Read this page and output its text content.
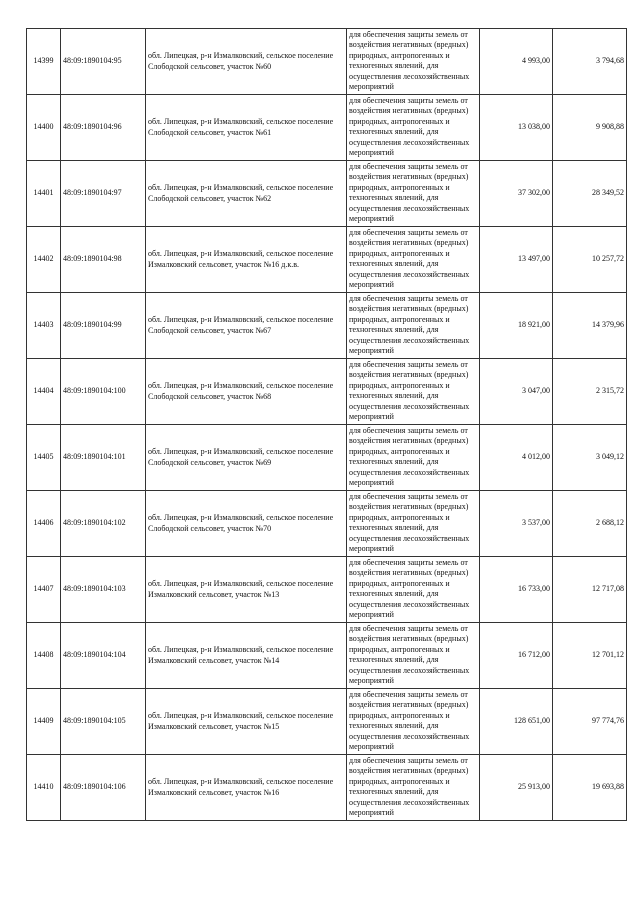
14399	48:09:1890104:95	обл. Липецкая, р-н Измалковский, сельское поселение Слободской сельсовет, участок №60	для обеспечения защиты земель от воздействия негативных (вредных) природных, антропогенных и техногенных явлений, для осуществления лесохозяйственных мероприятий	4 993,00	3 794,68
14400	48:09:1890104:96	обл. Липецкая, р-н Измалковский, сельское поселение Слободской сельсовет, участок №61	для обеспечения защиты земель от воздействия негативных (вредных) природных, антропогенных и техногенных явлений, для осуществления лесохозяйственных мероприятий	13 038,00	9 908,88
14401	48:09:1890104:97	обл. Липецкая, р-н Измалковский, сельское поселение Слободской сельсовет, участок №62	для обеспечения защиты земель от воздействия негативных (вредных) природных, антропогенных и техногенных явлений, для осуществления лесохозяйственных мероприятий	37 302,00	28 349,52
14402	48:09:1890104:98	обл. Липецкая, р-н Измалковский, сельское поселение Измалковский сельсовет, участок №16 д.к.в.	для обеспечения защиты земель от воздействия негативных (вредных) природных, антропогенных и техногенных явлений, для осуществления лесохозяйственных мероприятий	13 497,00	10 257,72
14403	48:09:1890104:99	обл. Липецкая, р-н Измалковский, сельское поселение Слободской сельсовет, участок №67	для обеспечения защиты земель от воздействия негативных (вредных) природных, антропогенных и техногенных явлений, для осуществления лесохозяйственных мероприятий	18 921,00	14 379,96
14404	48:09:1890104:100	обл. Липецкая, р-н Измалковский, сельское поселение Слободской сельсовет, участок №68	для обеспечения защиты земель от воздействия негативных (вредных) природных, антропогенных и техногенных явлений, для осуществления лесохозяйственных мероприятий	3 047,00	2 315,72
14405	48:09:1890104:101	обл. Липецкая, р-н Измалковский, сельское поселение Слободской сельсовет, участок №69	для обеспечения защиты земель от воздействия негативных (вредных) природных, антропогенных и техногенных явлений, для осуществления лесохозяйственных мероприятий	4 012,00	3 049,12
14406	48:09:1890104:102	обл. Липецкая, р-н Измалковский, сельское поселение Слободской сельсовет, участок №70	для обеспечения защиты земель от воздействия негативных (вредных) природных, антропогенных и техногенных явлений, для осуществления лесохозяйственных мероприятий	3 537,00	2 688,12
14407	48:09:1890104:103	обл. Липецкая, р-н Измалковский, сельское поселение Измалковский сельсовет, участок №13	для обеспечения защиты земель от воздействия негативных (вредных) природных, антропогенных и техногенных явлений, для осуществления лесохозяйственных мероприятий	16 733,00	12 717,08
14408	48:09:1890104:104	обл. Липецкая, р-н Измалковский, сельское поселение Измалковский сельсовет, участок №14	для обеспечения защиты земель от воздействия негативных (вредных) природных, антропогенных и техногенных явлений, для осуществления лесохозяйственных мероприятий	16 712,00	12 701,12
14409	48:09:1890104:105	обл. Липецкая, р-н Измалковский, сельское поселение Измалковский сельсовет, участок №15	для обеспечения защиты земель от воздействия негативных (вредных) природных, антропогенных и техногенных явлений, для осуществления лесохозяйственных мероприятий	128 651,00	97 774,76
14410	48:09:1890104:106	обл. Липецкая, р-н Измалковский, сельское поселение Измалковский сельсовет, участок №16	для обеспечения защиты земель от воздействия негативных (вредных) природных, антропогенных и техногенных явлений, для осуществления лесохозяйственных мероприятий	25 913,00	19 693,88
